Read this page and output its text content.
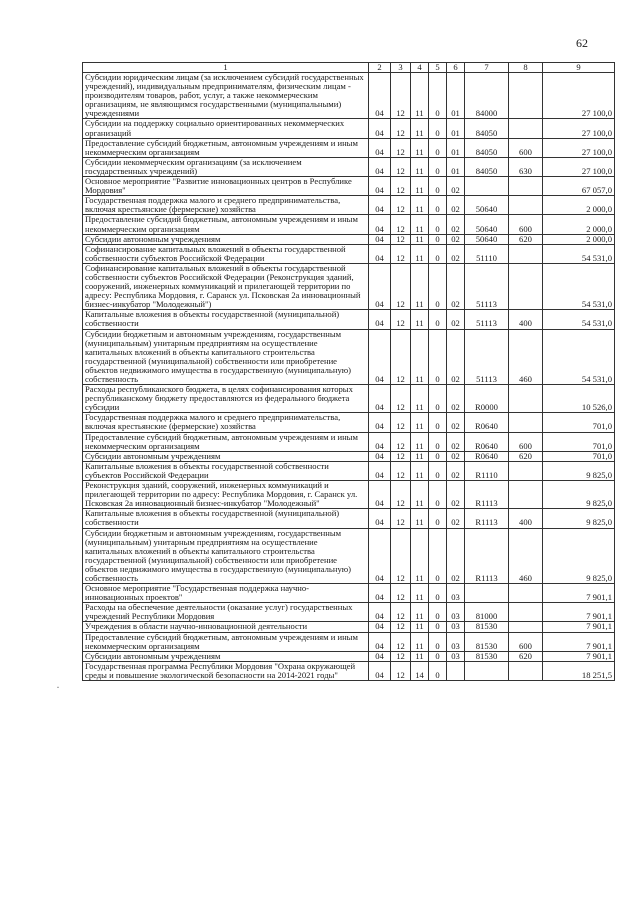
62
·
1	2	3	4	5	6	7	8	9
Субсидии юридическим лицам (за исключением субсидий государственных учреждений), индивидуальным предпринимателям, физическим лицам - производителям товаров, работ, услуг, а также некоммерческим организациям, не являющимся государственными (муниципальными) учреждениями	04	12	11	0	01	84000		27 100,0
Субсидии на поддержку социально ориентированных некоммерческих организаций	04	12	11	0	01	84050		27 100,0
Предоставление субсидий бюджетным, автономным учреждениям и иным некоммерческим организациям	04	12	11	0	01	84050	600	27 100,0
Субсидии некоммерческим организациям (за исключением государственных учреждений)	04	12	11	0	01	84050	630	27 100,0
Основное мероприятие "Развитие инновационных центров в Республике Мордовия"	04	12	11	0	02			67 057,0
Государственная поддержка малого и среднего предпринимательства, включая крестьянские (фермерские) хозяйства	04	12	11	0	02	50640		2 000,0
Предоставление субсидий бюджетным, автономным учреждениям и иным некоммерческим организациям	04	12	11	0	02	50640	600	2 000,0
Субсидии автономным учреждениям	04	12	11	0	02	50640	620	2 000,0
Софинансирование капитальных вложений в объекты государственной собственности субъектов Российской Федерации	04	12	11	0	02	51110		54 531,0
Софинансирование капитальных вложений в объекты государственной собственности субъектов Российской Федерации (Реконструкция зданий, сооружений, инженерных коммуникаций и прилегающей территории по адресу: Республика Мордовия, г. Саранск ул. Псковская 2а инновационный бизнес-инкубатор "Молодежный")	04	12	11	0	02	51113		54 531,0
Капитальные вложения в объекты государственной (муниципальной) собственности	04	12	11	0	02	51113	400	54 531,0
Субсидии бюджетным и автономным учреждениям, государственным (муниципальным) унитарным предприятиям на осуществление капитальных вложений в объекты капитального строительства государственной (муниципальной) собственности или приобретение объектов недвижимого имущества в государственную (муниципальную) собственность	04	12	11	0	02	51113	460	54 531,0
Расходы республиканского бюджета, в целях софинансирования которых республиканскому бюджету предоставляются из федерального бюджета субсидии	04	12	11	0	02	R0000		10 526,0
Государственная поддержка малого и среднего предпринимательства, включая крестьянские (фермерские) хозяйства	04	12	11	0	02	R0640		701,0
Предоставление субсидий бюджетным, автономным учреждениям и иным некоммерческим организациям	04	12	11	0	02	R0640	600	701,0
Субсидии автономным учреждениям	04	12	11	0	02	R0640	620	701,0
Капитальные вложения в объекты государственной собственности субъектов Российской Федерации	04	12	11	0	02	R1110		9 825,0
Реконструкция зданий, сооружений, инженерных коммуникаций и прилегающей территории по адресу: Республика Мордовия, г. Саранск ул. Псковская 2а инновационный бизнес-инкубатор "Молодежный"	04	12	11	0	02	R1113		9 825,0
Капитальные вложения в объекты государственной (муниципальной) собственности	04	12	11	0	02	R1113	400	9 825,0
Субсидии бюджетным и автономным учреждениям, государственным (муниципальным) унитарным предприятиям на осуществление капитальных вложений в объекты капитального строительства государственной (муниципальной) собственности или приобретение объектов недвижимого имущества в государственную (муниципальную) собственность	04	12	11	0	02	R1113	460	9 825,0
Основное мероприятие "Государственная поддержка научно-инновационных проектов"	04	12	11	0	03			7 901,1
Расходы на обеспечение деятельности (оказание услуг) государственных учреждений Республики Мордовия	04	12	11	0	03	81000		7 901,1
Учреждения в области научно-инновационной деятельности	04	12	11	0	03	81530		7 901,1
Предоставление субсидий бюджетным, автономным учреждениям и иным некоммерческим организациям	04	12	11	0	03	81530	600	7 901,1
Субсидии автономным учреждениям	04	12	11	0	03	81530	620	7 901,1
Государственная программа Республики Мордовия "Охрана окружающей среды и повышение экологической безопасности на 2014-2021 годы"	04	12	14	0				18 251,5
